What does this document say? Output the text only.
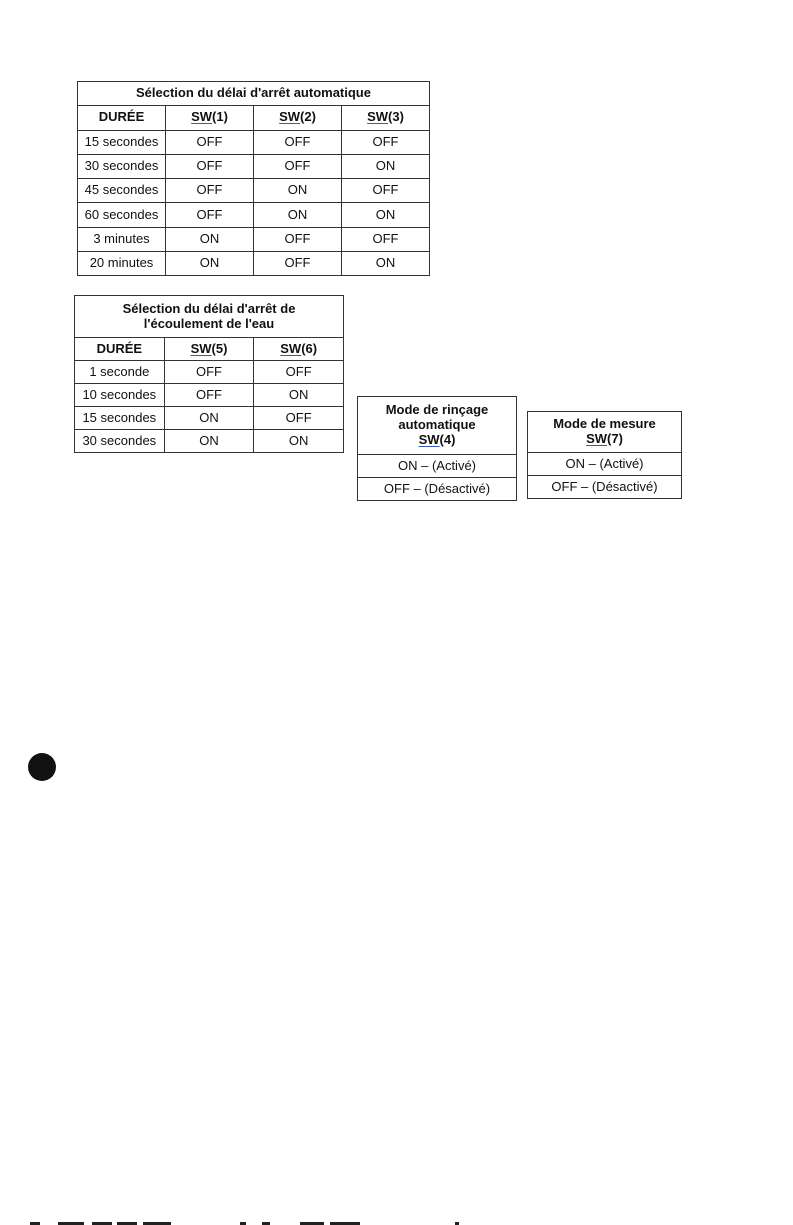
Sélection du délai d'arrêt automatique			
DURÉE	SW(1)	SW(2)	SW(3)
15 secondes	OFF	OFF	OFF
30 secondes	OFF	OFF	ON
45 secondes	OFF	ON	OFF
60 secondes	OFF	ON	ON
3 minutes	ON	OFF	OFF
20 minutes	ON	OFF	ON
Sélection du délai d'arrêt de
l'écoulement de l'eau		

DURÉE	SW(5)	SW(6)
1 seconde	OFF	OFF
10 secondes	OFF	ON
15 secondes	ON	OFF
30 secondes	ON	ON
Mode de rinçage
automatique
SW(4)

ON – (Activé)
OFF – (Désactivé)
Mode de mesure
SW(7)

ON – (Activé)
OFF – (Désactivé)
